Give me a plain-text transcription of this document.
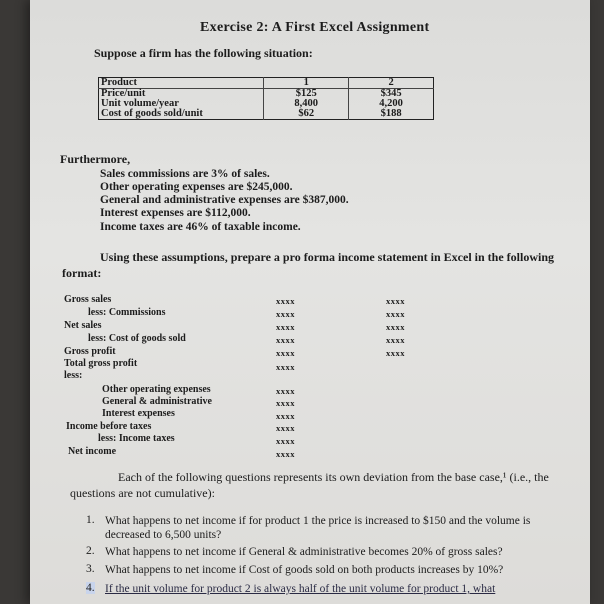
Exercise 2: A First Excel Assignment
Suppose a firm has the following situation:
Product	1	2
Price/unit	$125	$345
Unit volume/year	8,400	4,200
Cost of goods sold/unit	$62	$188
Furthermore,
Sales commissions are 3% of sales.
Other operating expenses are $245,000.
General and administrative expenses are $387,000.
Interest expenses are $112,000.
Income taxes are 46% of taxable income.
Using these assumptions, prepare a pro forma income statement in Excel in the following
format:
Gross sales	xxxx	xxxx
less: Commissions	xxxx	xxxx
Net sales	xxxx	xxxx
less: Cost of goods sold	xxxx	xxxx
Gross profit	xxxx	xxxx
Total gross profit	xxxx
less:
Other operating expenses	xxxx
General & administrative	xxxx
Interest expenses	xxxx
Income before taxes	xxxx
less: Income taxes	xxxx
Net income	xxxx
Each of the following questions represents its own deviation from the base case,¹ (i.e., the
questions are not cumulative):
1. What happens to net income if for product 1 the price is increased to $150 and the volume is decreased to 6,500 units?
2. What happens to net income if General & administrative becomes 20% of gross sales?
3. What happens to net income if Cost of goods sold on both products increases by 10%?
4. If the unit volume for product 2 is always half of the unit volume for product 1, what
